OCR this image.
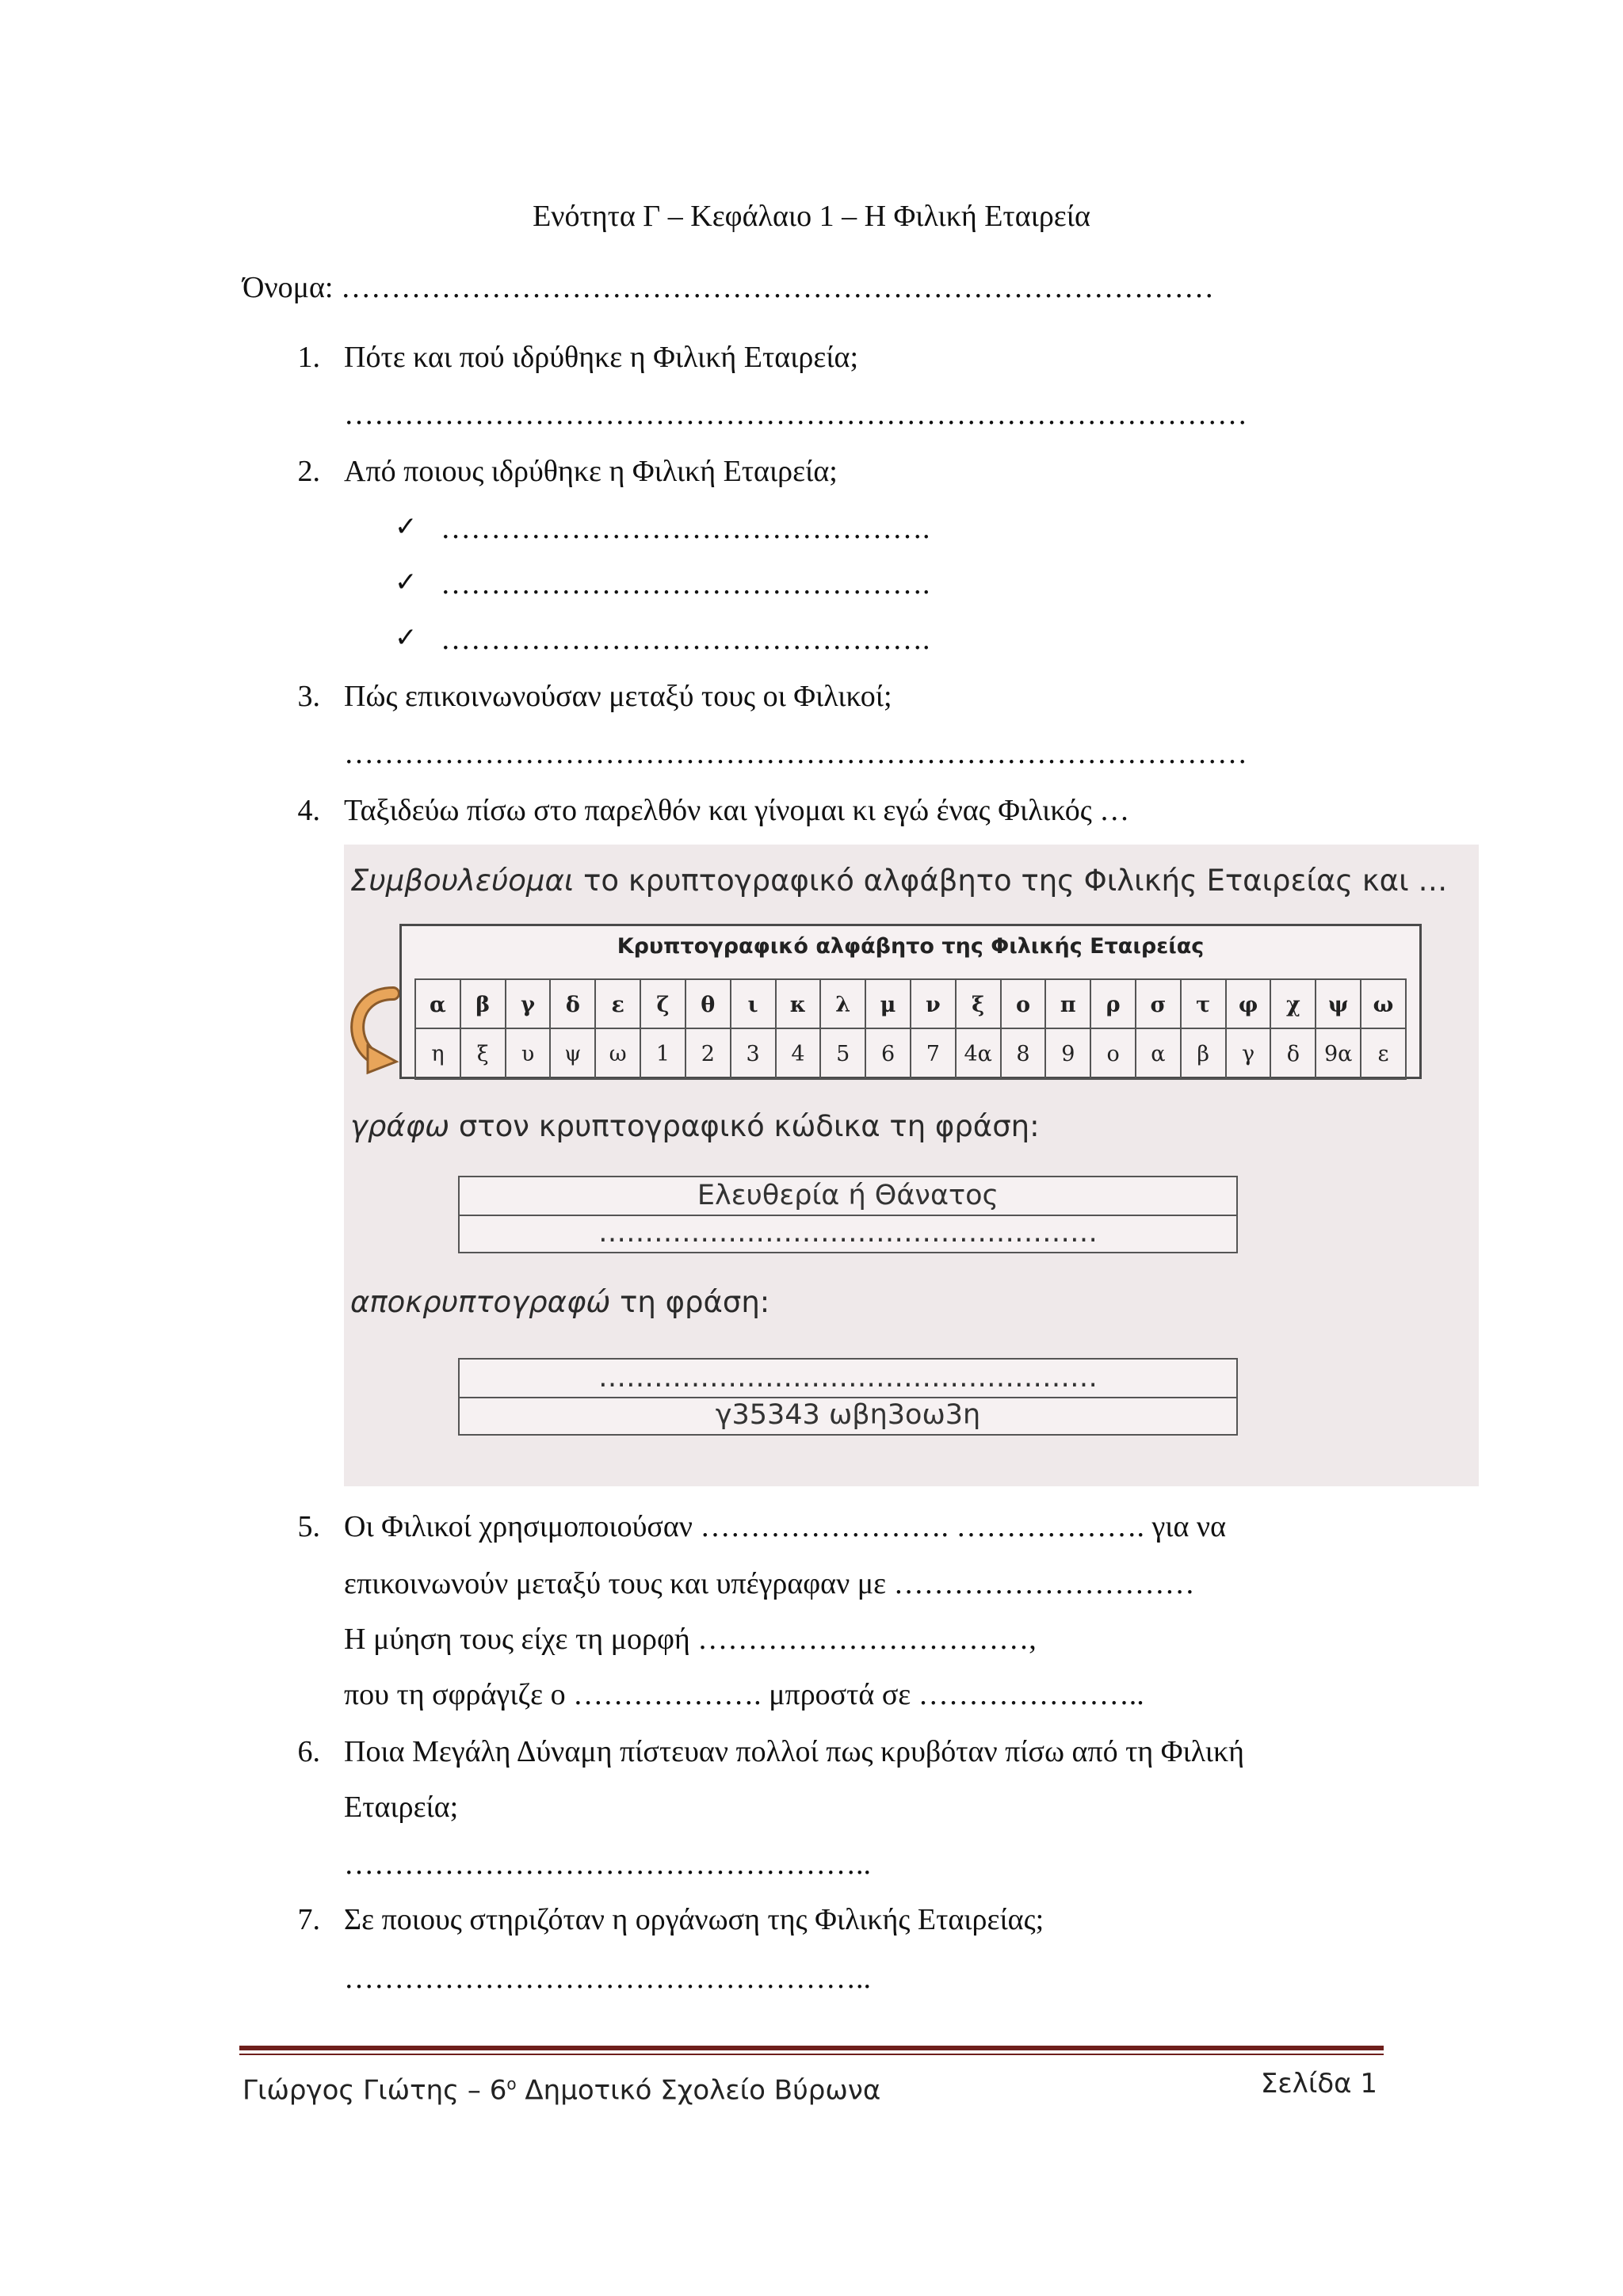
Ενότητα Γ – Κεφάλαιο 1 – Η Φιλική Εταιρεία
Όνομα: ……………………………………………………………………………
1. Πότε και πού ιδρύθηκε η Φιλική Εταιρεία;
………………………………………………………………………………
2. Από ποιους ιδρύθηκε η Φιλική Εταιρεία;
✓ ………………………………………….
✓ ………………………………………….
✓ ………………………………………….
3. Πώς επικοινωνούσαν μεταξύ τους οι Φιλικοί;
………………………………………………………………………………
4. Ταξιδεύω πίσω στο παρελθόν και γίνομαι κι εγώ ένας Φιλικός …
Συμβουλεύομαι το κρυπτογραφικό αλφάβητο της Φιλικής Εταιρείας και …
Κρυπτογραφικό αλφάβητο της Φιλικής Εταιρείας
α	β	γ	δ	ε	ζ	θ	ι	κ	λ	μ	ν	ξ	ο	π	ρ	σ	τ	φ	χ	ψ	ω
η	ξ	υ	ψ	ω	1	2	3	4	5	6	7	4α	8	9	ο	α	β	γ	δ	9α	ε
γράφω στον κρυπτογραφικό κώδικα τη φράση:
Ελευθερία ή Θάνατος
………………………………………………
αποκρυπτογραφώ τη φράση:
………………………………………………
γ35343 ωβη3οω3η
5. Οι Φιλικοί χρησιμοποιούσαν ……………………. ………………. για να
επικοινωνούν μεταξύ τους και υπέγραφαν με …………………………
Η μύηση τους είχε τη μορφή ……………………………,
που τη σφράγιζε ο ………………. μπροστά σε …………………..
6. Ποια Μεγάλη Δύναμη πίστευαν πολλοί πως κρυβόταν πίσω από τη Φιλική
Εταιρεία;
……………………………………………..
7. Σε ποιους στηριζόταν η οργάνωση της Φιλικής Εταιρείας;
……………………………………………..
Γιώργος Γιώτης – $6^o$ Δημοτικό Σχολείο Βύρωνα	Σελίδα 1
